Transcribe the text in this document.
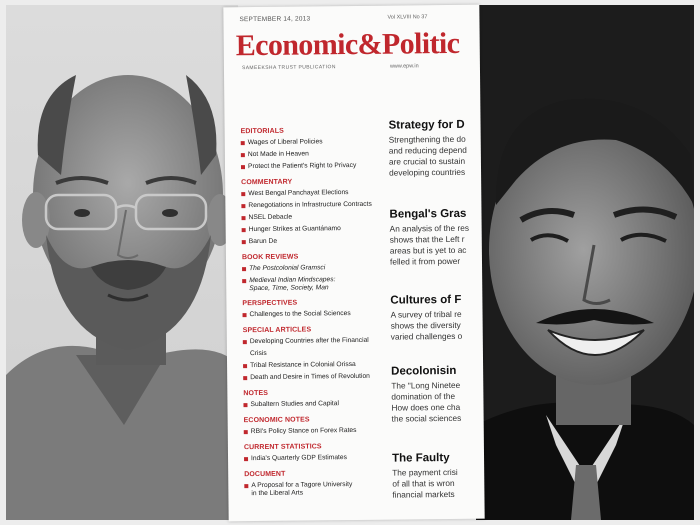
SEPTEMBER 14, 2013	Vol XLVIII No 37
Economic&Politic
SAMEEKSHA TRUST PUBLICATION	www.epw.in
EDITORIALS
Wages of Liberal Policies
Not Made in Heaven
Protect the Patient's Right to Privacy
COMMENTARY
West Bengal Panchayat Elections
Renegotiations in Infrastructure Contracts
NSEL Debacle
Hunger Strikes at Guantánamo
Barun De
BOOK REVIEWS
The Postcolonial Gramsci
Medieval Indian Mindscapes:
Space, Time, Society, Man
PERSPECTIVES
Challenges to the Social Sciences
SPECIAL ARTICLES
Developing Countries after the Financial Crisis
Tribal Resistance in Colonial Orissa
Death and Desire in Times of Revolution
NOTES
Subaltern Studies and Capital
ECONOMIC NOTES
RBI's Policy Stance on Forex Rates
CURRENT STATISTICS
India's Quarterly GDP Estimates
DOCUMENT
A Proposal for a Tagore University
in the Liberal Arts
Strategy for D
Strengthening the do
and reducing depend
are crucial to sustain
developing countries
Bengal's Gras
An analysis of the res
shows that the Left r
areas but is yet to ac
felled it from power
Cultures of F
A survey of tribal re
shows the diversity
varied challenges o
Decolonisin
The "Long Ninetee
domination of the
How does one cha
the social sciences
The Faulty
The payment crisi
of all that is wron
financial markets
